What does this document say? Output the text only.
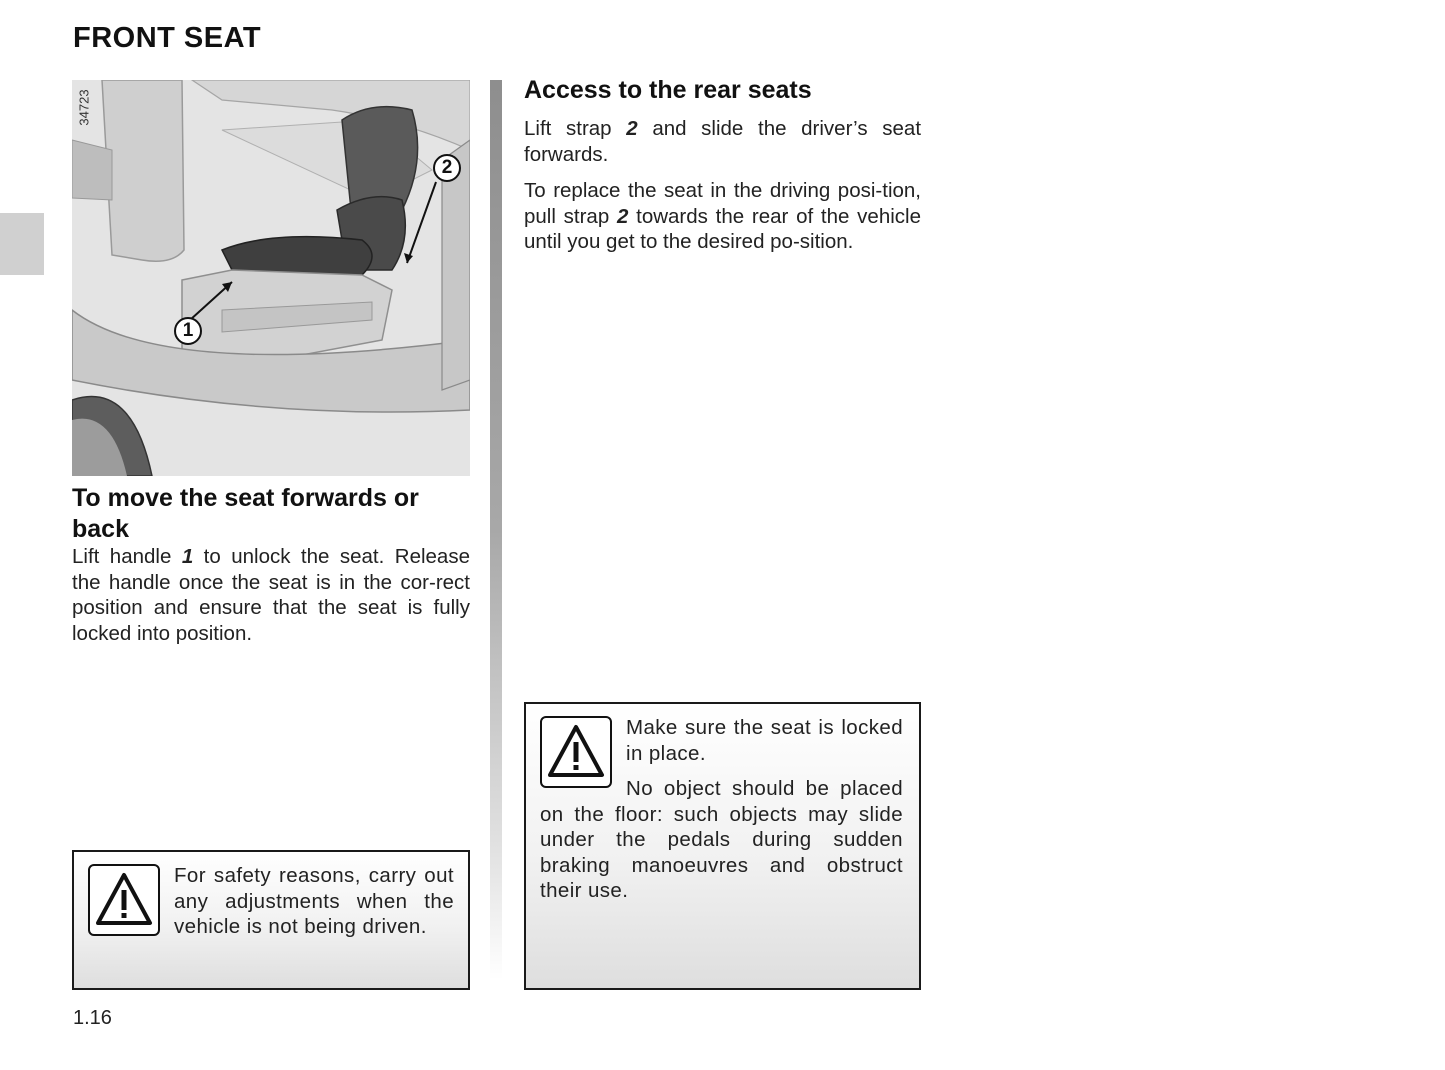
FRONT SEAT
34723
1
2
To move the seat forwards or back

Lift handle 1 to unlock the seat. Release the handle once the seat is in the cor-rect position and ensure that the seat is fully locked into position.

For safety reasons, carry out any adjustments when the vehicle is not being driven.

Access to the rear seats

Lift strap 2 and slide the driver’s seat forwards.

To replace the seat in the driving posi-tion, pull strap 2 towards the rear of the vehicle until you get to the desired po-sition.

Make sure the seat is locked in place.

No object should be placed on the floor: such objects may slide under the pedals during sudden braking manoeuvres and obstruct their use.

1.16
